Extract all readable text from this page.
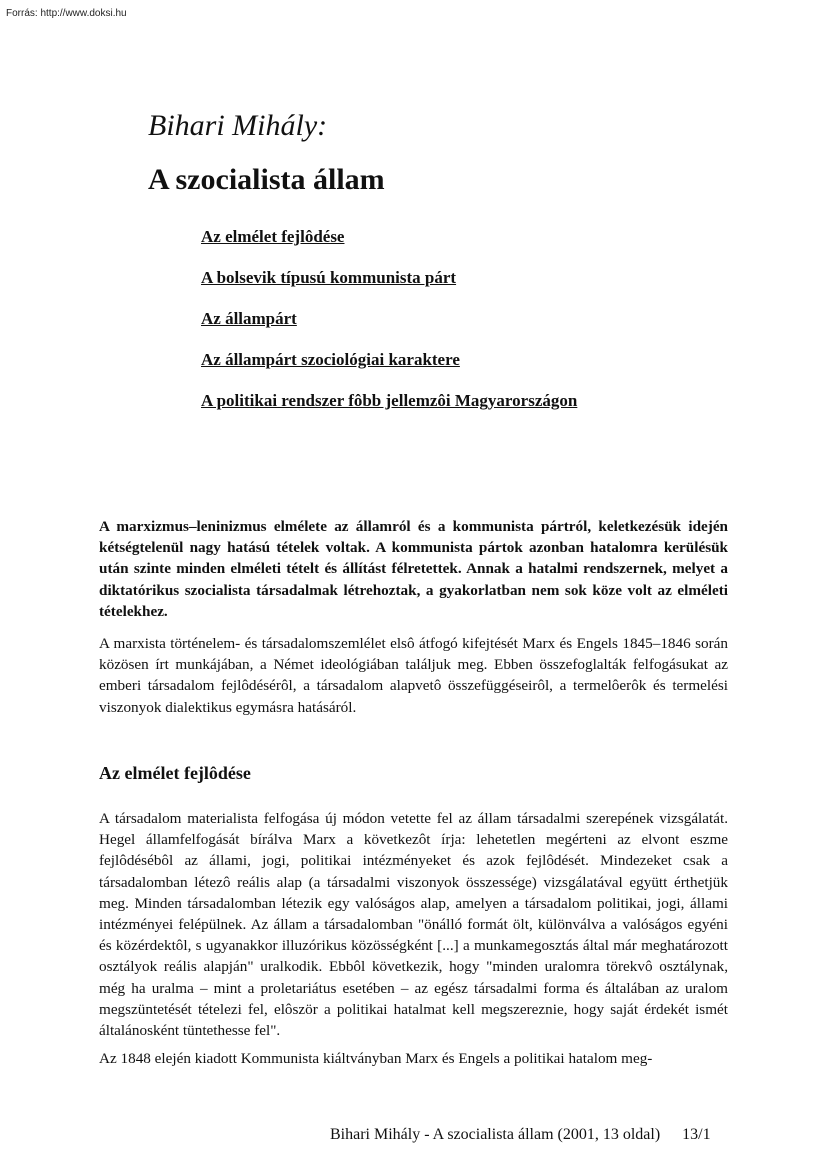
Forrás: http://www.doksi.hu
Bihari Mihály:
A szocialista állam
Az elmélet fejlôdése
A bolsevik típusú kommunista párt
Az állampárt
Az állampárt szociológiai karaktere
A politikai rendszer fôbb jellemzôi Magyarországon

A marxizmus–leninizmus elmélete az államról és a kommunista pártról, keletkezésük idején kétségtelenül nagy hatású tételek voltak. A kommunista pártok azonban hatalomra kerülésük után szinte minden elméleti tételt és állítást félretettek. Annak a hatalmi rendszernek, melyet a diktatórikus szocialista társadalmak létrehoztak, a gyakorlatban nem sok köze volt az elméleti tételekhez.

A marxista történelem- és társadalomszemlélet elsô átfogó kifejtését Marx és Engels 1845–1846 során közösen írt munkájában, a Német ideológiában találjuk meg. Ebben összefoglalták felfogásukat az emberi társadalom fejlôdésérôl, a társadalom alapvetô összefüggéseirôl, a termelôerôk és termelési viszonyok dialektikus egymásra hatásáról.

Az elmélet fejlôdése

A társadalom materialista felfogása új módon vetette fel az állam társadalmi szerepének vizsgálatát. Hegel államfelfogását bírálva Marx a következôt írja: lehetetlen megérteni az elvont eszme fejlôdésébôl az állami, jogi, politikai intézményeket és azok fejlôdését. Mindezeket csak a társadalomban létezô reális alap (a társadalmi viszonyok összessége) vizsgálatával együtt érthetjük meg. Minden társadalomban létezik egy valóságos alap, amelyen a társadalom politikai, jogi, állami intézményei felépülnek. Az állam a társadalomban "önálló formát ölt, különválva a valóságos egyéni és közérdektôl, s ugyanakkor illuzórikus közösségként [...] a munkamegosztás által már meghatározott osztályok reális alapján" uralkodik. Ebbôl következik, hogy "minden uralomra törekvô osztálynak, még ha uralma – mint a proletariátus esetében – az egész társadalmi forma és általában az uralom megszüntetését tételezi fel, elôször a politikai hatalmat kell megszereznie, hogy saját érdekét ismét általánosként tüntethesse fel".

Az 1848 elején kiadott Kommunista kiáltványban Marx és Engels a politikai hatalom meg-

Bihari Mihály - A szocialista állam (2001, 13 oldal) 13/1
